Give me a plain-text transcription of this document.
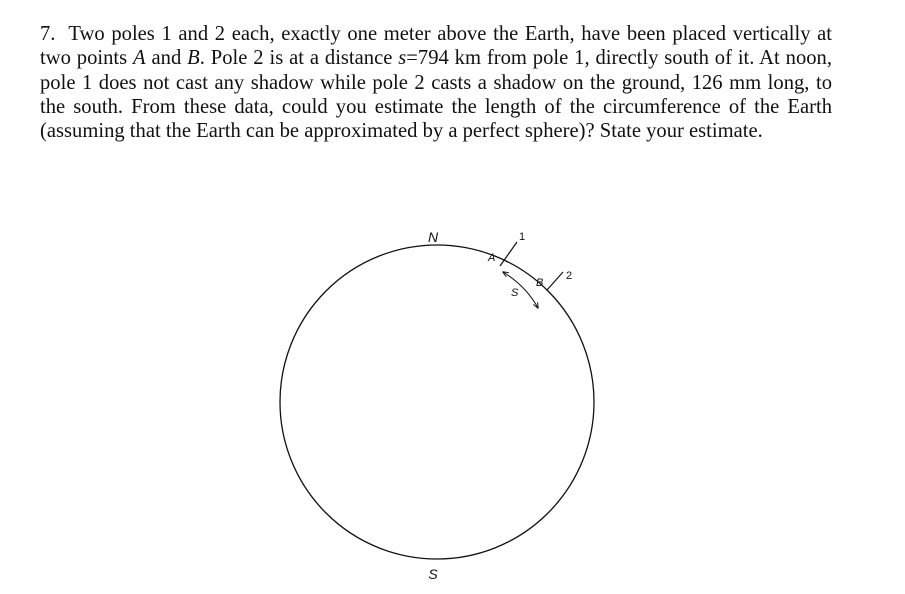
7. Two poles 1 and 2 each, exactly one meter above the Earth, have been placed vertically at two points A and B. Pole 2 is at a distance s=794 km from pole 1, directly south of it. At noon, pole 1 does not cast any shadow while pole 2 casts a shadow on the ground, 126 mm long, to the south. From these data, could you estimate the length of the circumference of the Earth (assuming that the Earth can be approximated by a perfect sphere)? State your estimate.

N
S
1
A
2
B
S
